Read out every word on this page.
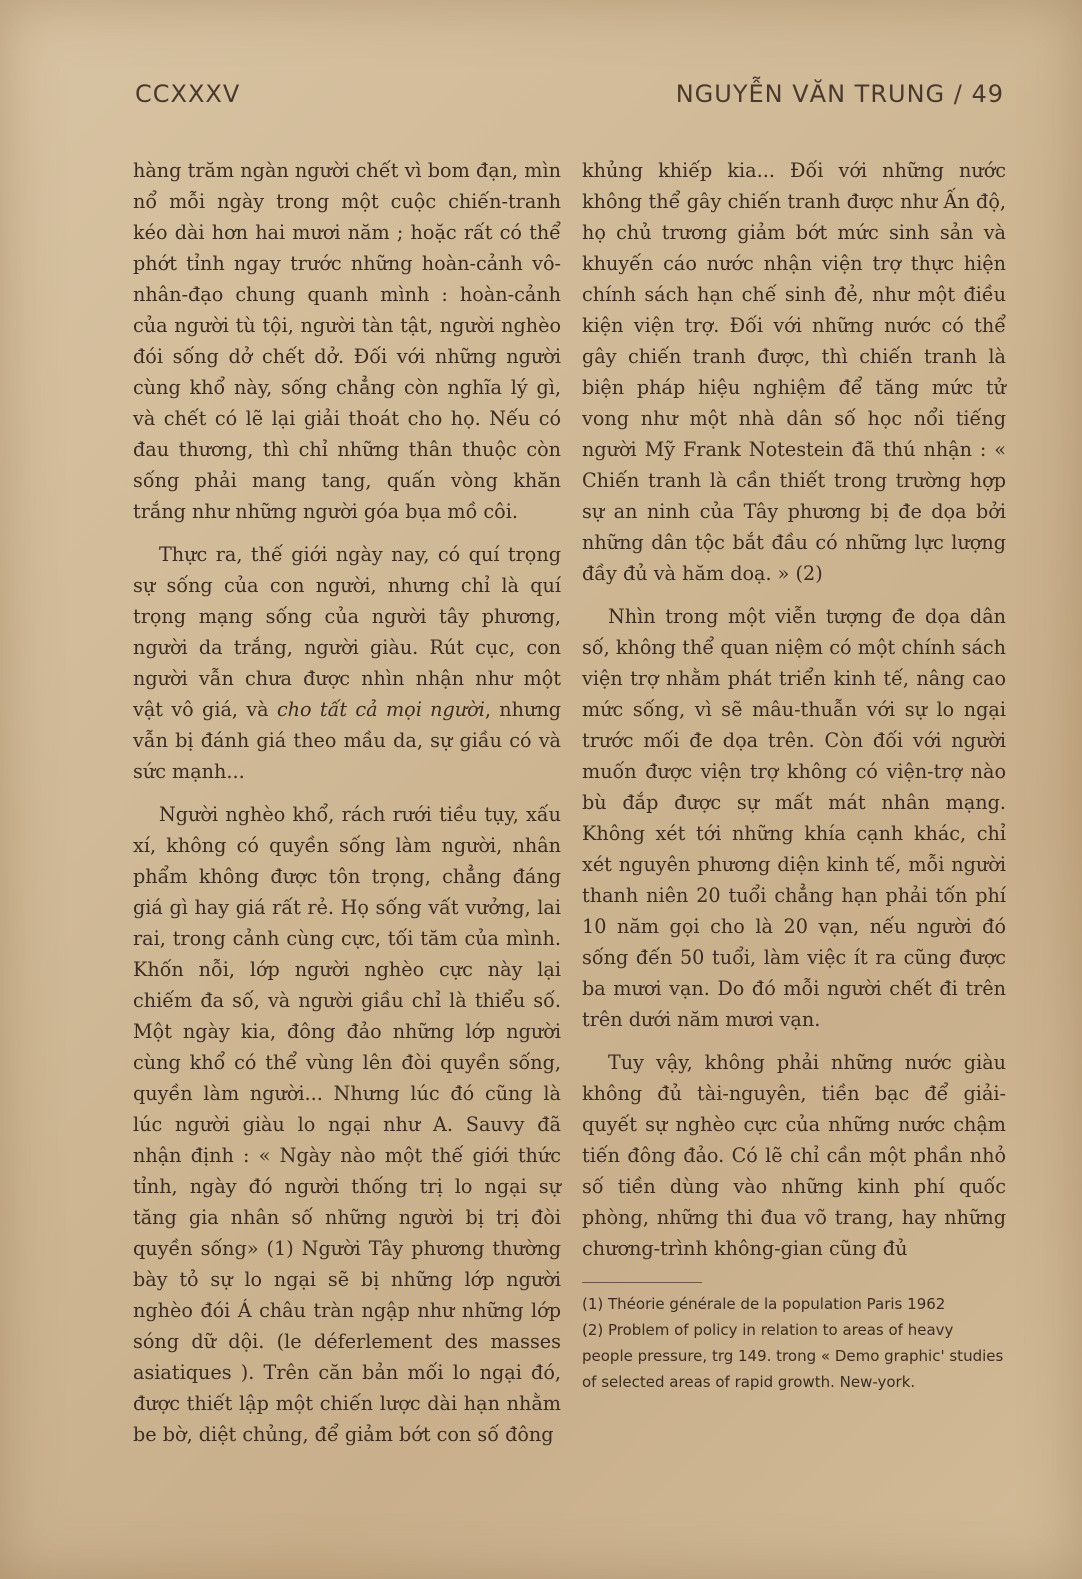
CCXXXV	NGUYỄN VĂN TRUNG / 49

hàng trăm ngàn người chết vì bom đạn, mìn nổ mỗi ngày trong một cuộc chiến-tranh kéo dài hơn hai mươi năm ; hoặc rất có thể phớt tỉnh ngay trước những hoàn-cảnh vô-nhân-đạo chung quanh mình : hoàn-cảnh của người tù tội, người tàn tật, người nghèo đói sống dở chết dở. Đối với những người cùng khổ này, sống chẳng còn nghĩa lý gì, và chết có lẽ lại giải thoát cho họ. Nếu có đau thương, thì chỉ những thân thuộc còn sống phải mang tang, quấn vòng khăn trắng như những người góa bụa mồ côi.

Thực ra, thế giới ngày nay, có quí trọng sự sống của con người, nhưng chỉ là quí trọng mạng sống của người tây phương, người da trắng, người giàu. Rút cục, con người vẫn chưa được nhìn nhận như một vật vô giá, và cho tất cả mọi người, nhưng vẫn bị đánh giá theo mầu da, sự giầu có và sức mạnh...

Người nghèo khổ, rách rưới tiều tụy, xấu xí, không có quyền sống làm người, nhân phẩm không được tôn trọng, chẳng đáng giá gì hay giá rất rẻ. Họ sống vất vưởng, lai rai, trong cảnh cùng cực, tối tăm của mình. Khốn nỗi, lớp người nghèo cực này lại chiếm đa số, và người giầu chỉ là thiểu số. Một ngày kia, đông đảo những lớp người cùng khổ có thể vùng lên đòi quyền sống, quyền làm người... Nhưng lúc đó cũng là lúc người giàu lo ngại như A. Sauvy đã nhận định : « Ngày nào một thế giới thức tỉnh, ngày đó người thống trị lo ngại sự tăng gia nhân số những người bị trị đòi quyền sống» (1) Người Tây phương thường bày tỏ sự lo ngại sẽ bị những lớp người nghèo đói Á châu tràn ngập như những lớp sóng dữ dội. (le déferlement des masses asiatiques ). Trên căn bản mối lo ngại đó, được thiết lập một chiến lược dài hạn nhằm be bờ, diệt chủng, để giảm bớt con số đông

khủng khiếp kia... Đối với những nước không thể gây chiến tranh được như Ấn độ, họ chủ trương giảm bớt mức sinh sản và khuyến cáo nước nhận viện trợ thực hiện chính sách hạn chế sinh đẻ, như một điều kiện viện trợ. Đối với những nước có thể gây chiến tranh được, thì chiến tranh là biện pháp hiệu nghiệm để tăng mức tử vong như một nhà dân số học nổi tiếng người Mỹ Frank Notestein đã thú nhận : « Chiến tranh là cần thiết trong trường hợp sự an ninh của Tây phương bị đe dọa bởi những dân tộc bắt đầu có những lực lượng đầy đủ và hăm doạ. » (2)

Nhìn trong một viễn tượng đe dọa dân số, không thể quan niệm có một chính sách viện trợ nhằm phát triển kinh tế, nâng cao mức sống, vì sẽ mâu-thuẫn với sự lo ngại trước mối đe dọa trên. Còn đối với người muốn được viện trợ không có viện-trợ nào bù đắp được sự mất mát nhân mạng. Không xét tới những khía cạnh khác, chỉ xét nguyên phương diện kinh tế, mỗi người thanh niên 20 tuổi chẳng hạn phải tốn phí 10 năm gọi cho là 20 vạn, nếu người đó sống đến 50 tuổi, làm việc ít ra cũng được ba mươi vạn. Do đó mỗi người chết đi trên trên dưới năm mươi vạn.

Tuy vậy, không phải những nước giàu không đủ tài-nguyên, tiền bạc để giải-quyết sự nghèo cực của những nước chậm tiến đông đảo. Có lẽ chỉ cần một phần nhỏ số tiền dùng vào những kinh phí quốc phòng, những thi đua võ trang, hay những chương-trình không-gian cũng đủ

(1) Théorie générale de la population Paris 1962

(2) Problem of policy in relation to areas of heavy people pressure, trg 149. trong « Demo graphic' studies of selected areas of rapid growth. New-york.
